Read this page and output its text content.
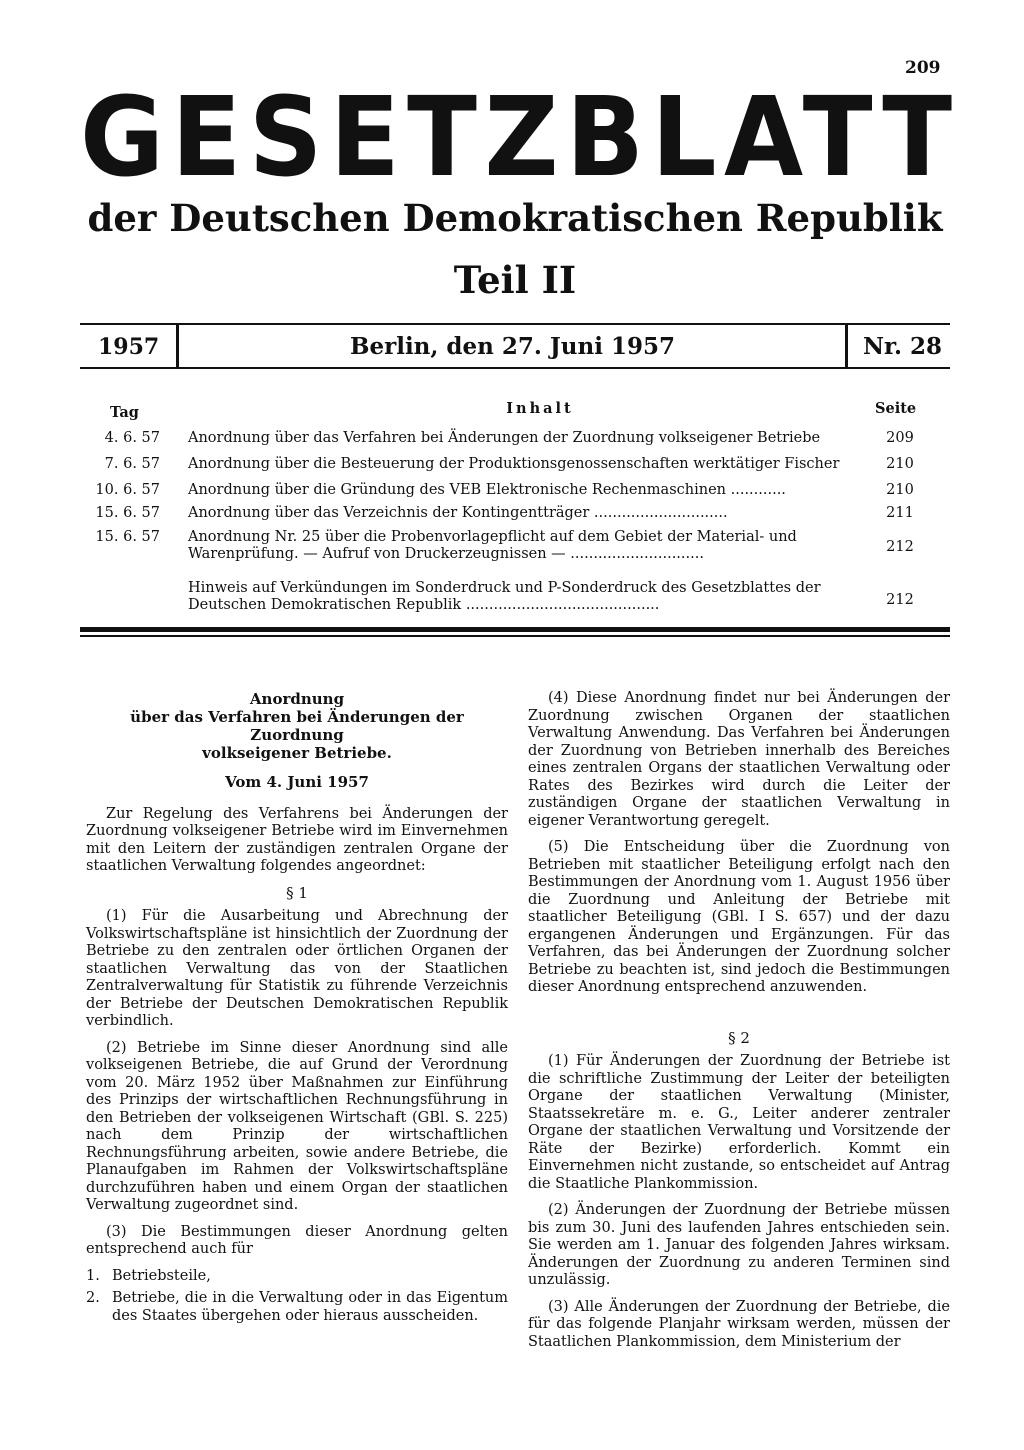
209
GESETZBLATT
der Deutschen Demokratischen Republik
Teil II
1957	Berlin, den 27. Juni 1957	Nr. 28
Tag	Inhalt	Seite
4. 6. 57 Anordnung über das Verfahren bei Änderungen der Zuordnung volkseigener Betriebe	209
7. 6. 57 Anordnung über die Besteuerung der Produktionsgenossenschaften werktätiger Fischer	210
10. 6. 57 Anordnung über die Gründung des VEB Elektronische Rechenmaschinen ............	210
15. 6. 57 Anordnung über das Verzeichnis der Kontingentträger .............................	211
15. 6. 57 Anordnung Nr. 25 über die Probenvorlagepflicht auf dem Gebiet der Material- und Warenprüfung. — Aufruf von Druckerzeugnissen — .............................	212
Hinweis auf Verkündungen im Sonderdruck und P-Sonderdruck des Gesetzblattes der Deutschen Demokratischen Republik ..........................................	212
Anordnung
über das Verfahren bei Änderungen der Zuordnung
volkseigener Betriebe.
Vom 4. Juni 1957

Zur Regelung des Verfahrens bei Änderungen der Zuordnung volkseigener Betriebe wird im Einvernehmen mit den Leitern der zuständigen zentralen Organe der staatlichen Verwaltung folgendes angeordnet:

§ 1

(1) Für die Ausarbeitung und Abrechnung der Volkswirtschaftspläne ist hinsichtlich der Zuordnung der Betriebe zu den zentralen oder örtlichen Organen der staatlichen Verwaltung das von der Staatlichen Zentralverwaltung für Statistik zu führende Verzeichnis der Betriebe der Deutschen Demokratischen Republik verbindlich.

(2) Betriebe im Sinne dieser Anordnung sind alle volkseigenen Betriebe, die auf Grund der Verordnung vom 20. März 1952 über Maßnahmen zur Einführung des Prinzips der wirtschaftlichen Rechnungsführung in den Betrieben der volkseigenen Wirtschaft (GBl. S. 225) nach dem Prinzip der wirtschaftlichen Rechnungsführung arbeiten, sowie andere Betriebe, die Planaufgaben im Rahmen der Volkswirtschaftspläne durchzuführen haben und einem Organ der staatlichen Verwaltung zugeordnet sind.

(3) Die Bestimmungen dieser Anordnung gelten entsprechend auch für

1. Betriebsteile,
2. Betriebe, die in die Verwaltung oder in das Eigentum des Staates übergehen oder hieraus ausscheiden.

(4) Diese Anordnung findet nur bei Änderungen der Zuordnung zwischen Organen der staatlichen Verwaltung Anwendung. Das Verfahren bei Änderungen der Zuordnung von Betrieben innerhalb des Bereiches eines zentralen Organs der staatlichen Verwaltung oder Rates des Bezirkes wird durch die Leiter der zuständigen Organe der staatlichen Verwaltung in eigener Verantwortung geregelt.

(5) Die Entscheidung über die Zuordnung von Betrieben mit staatlicher Beteiligung erfolgt nach den Bestimmungen der Anordnung vom 1. August 1956 über die Zuordnung und Anleitung der Betriebe mit staatlicher Beteiligung (GBl. I S. 657) und der dazu ergangenen Änderungen und Ergänzungen. Für das Verfahren, das bei Änderungen der Zuordnung solcher Betriebe zu beachten ist, sind jedoch die Bestimmungen dieser Anordnung entsprechend anzuwenden.

§ 2

(1) Für Änderungen der Zuordnung der Betriebe ist die schriftliche Zustimmung der Leiter der beteiligten Organe der staatlichen Verwaltung (Minister, Staatssekretäre m. e. G., Leiter anderer zentraler Organe der staatlichen Verwaltung und Vorsitzende der Räte der Bezirke) erforderlich. Kommt ein Einvernehmen nicht zustande, so entscheidet auf Antrag die Staatliche Plankommission.

(2) Änderungen der Zuordnung der Betriebe müssen bis zum 30. Juni des laufenden Jahres entschieden sein. Sie werden am 1. Januar des folgenden Jahres wirksam. Änderungen der Zuordnung zu anderen Terminen sind unzulässig.

(3) Alle Änderungen der Zuordnung der Betriebe, die für das folgende Planjahr wirksam werden, müssen der Staatlichen Plankommission, dem Ministerium der
